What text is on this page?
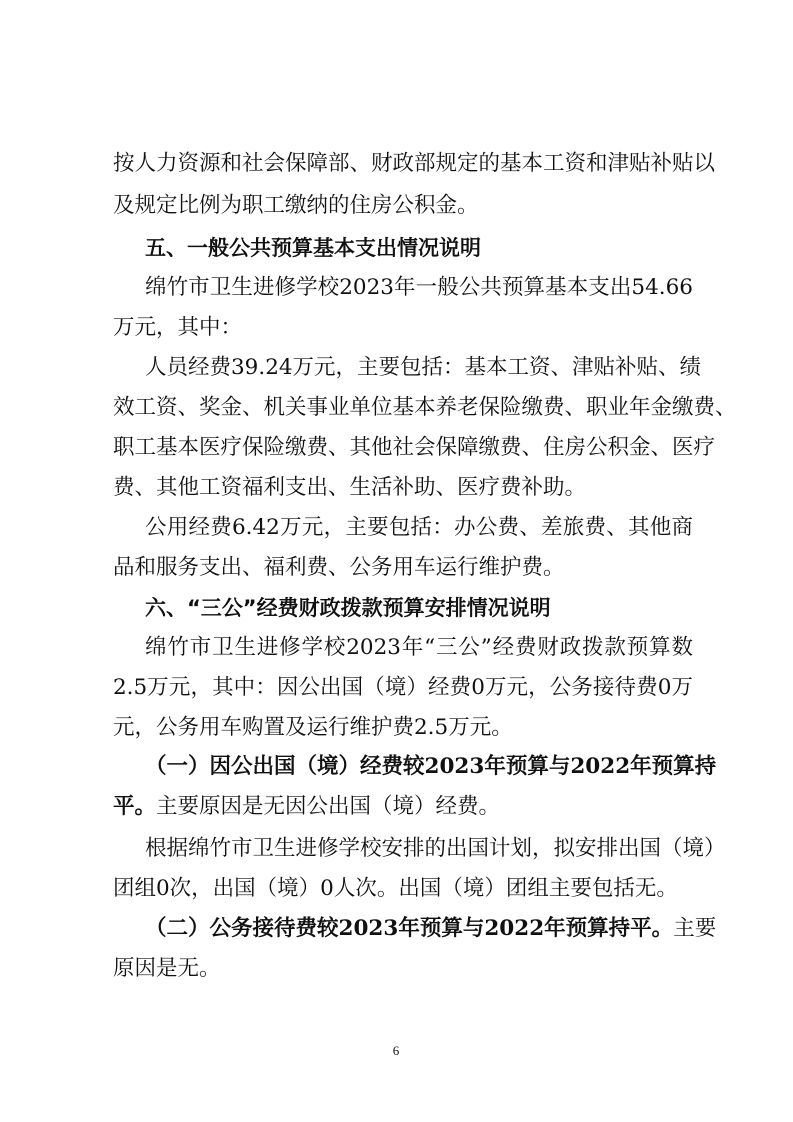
按人力资源和社会保障部、财政部规定的基本工资和津贴补贴以
及规定比例为职工缴纳的住房公积金。
五、一般公共预算基本支出情况说明
绵竹市卫生进修学校2023年一般公共预算基本支出54.66
万元，其中：
人员经费39.24万元，主要包括：基本工资、津贴补贴、绩
效工资、奖金、机关事业单位基本养老保险缴费、职业年金缴费、
职工基本医疗保险缴费、其他社会保障缴费、住房公积金、医疗
费、其他工资福利支出、生活补助、医疗费补助。
公用经费6.42万元，主要包括：办公费、差旅费、其他商
品和服务支出、福利费、公务用车运行维护费。
六、“三公”经费财政拨款预算安排情况说明
绵竹市卫生进修学校2023年“三公”经费财政拨款预算数
2.5万元，其中：因公出国（境）经费0万元，公务接待费0万
元，公务用车购置及运行维护费2.5万元。
（一）因公出国（境）经费较2023年预算与2022年预算持
平。主要原因是无因公出国（境）经费。
根据绵竹市卫生进修学校安排的出国计划，拟安排出国（境）
团组0次，出国（境）0人次。出国（境）团组主要包括无。
（二）公务接待费较2023年预算与2022年预算持平。 主要
原因是无。
6
